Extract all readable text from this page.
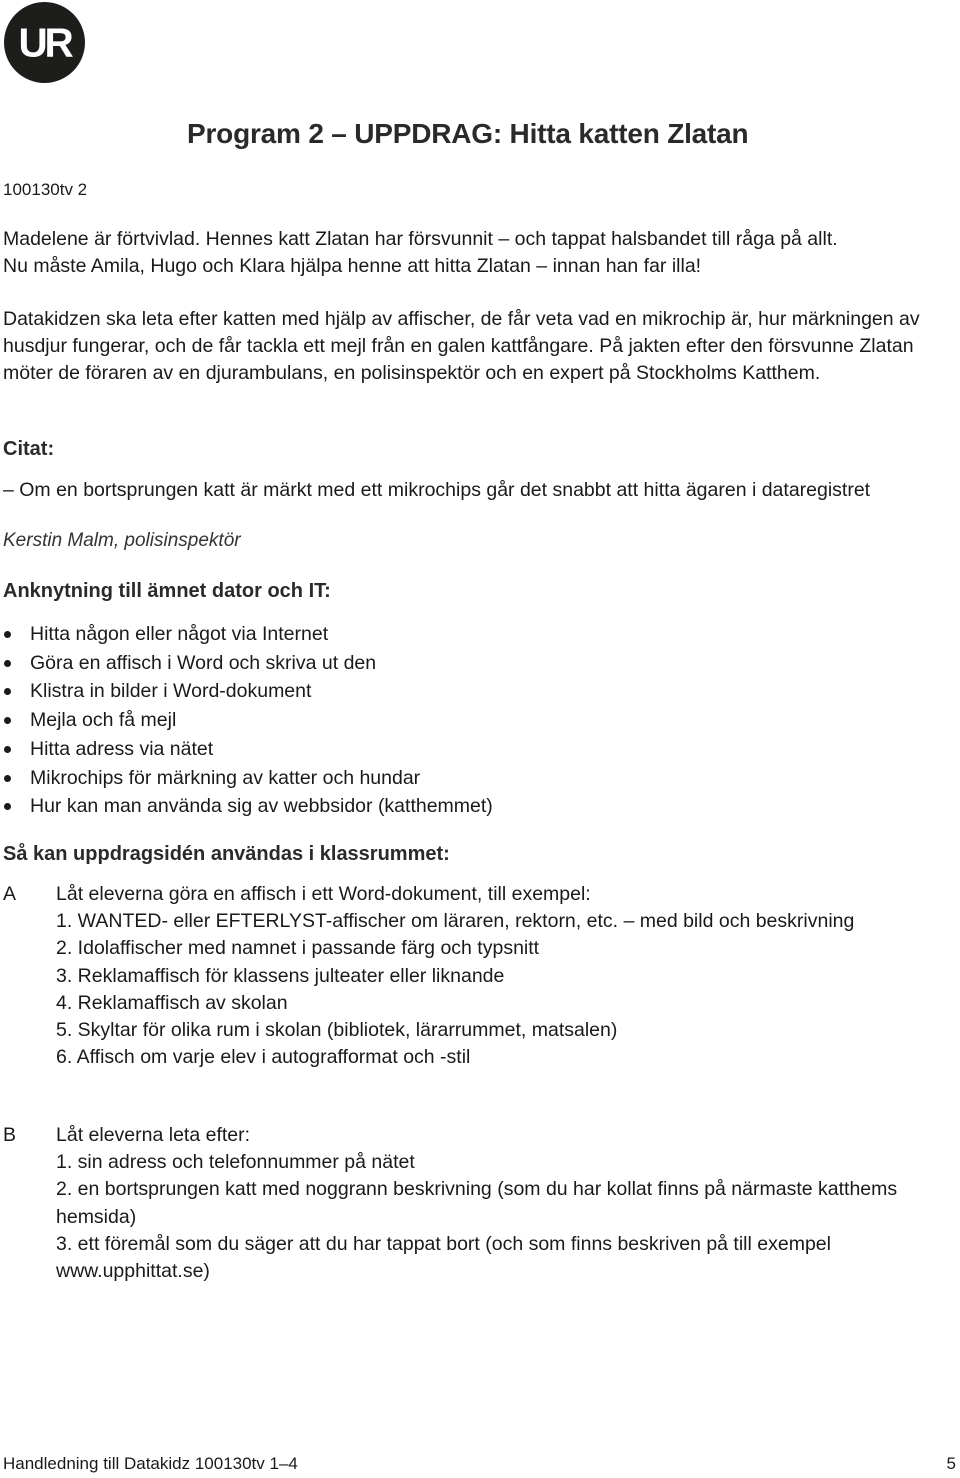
UR
Program 2 – UPPDRAG: Hitta katten Zlatan
100130tv 2
Madelene är förtvivlad. Hennes katt Zlatan har försvunnit – och tappat halsbandet till råga på allt.
Nu måste Amila, Hugo och Klara hjälpa henne att hitta Zlatan – innan han far illa!

Datakidzen ska leta efter katten med hjälp av affischer, de får veta vad en mikrochip är, hur märkningen av husdjur fungerar, och de får tackla ett mejl från en galen kattfångare. På jakten efter den försvunne Zlatan möter de föraren av en djurambulans, en polisinspektör och en expert på Stockholms Katthem.

Citat:

– Om en bortsprungen katt är märkt med ett mikrochips går det snabbt att hitta ägaren i dataregistret

Kerstin Malm, polisinspektör
Anknytning till ämnet dator och IT:
Hitta någon eller något via Internet
Göra en affisch i Word och skriva ut den
Klistra in bilder i Word-dokument
Mejla och få mejl
Hitta adress via nätet
Mikrochips för märkning av katter och hundar
Hur kan man använda sig av webbsidor (katthemmet)
Så kan uppdragsidén användas i klassrummet:
A Låt eleverna göra en affisch i ett Word-dokument, till exempel:
1. WANTED- eller EFTERLYST-affischer om läraren, rektorn, etc. – med bild och beskrivning
2. Idolaffischer med namnet i passande färg och typsnitt
3. Reklamaffisch för klassens julteater eller liknande
4. Reklamaffisch av skolan
5. Skyltar för olika rum i skolan (bibliotek, lärarrummet, matsalen)
6. Affisch om varje elev i autografformat och -stil
B Låt eleverna leta efter:
1. sin adress och telefonnummer på nätet
2. en bortsprungen katt med noggrann beskrivning (som du har kollat finns på närmaste katthems hemsida)
3. ett föremål som du säger att du har tappat bort (och som finns beskriven på till exempel www.upphittat.se)
Handledning till Datakidz 100130tv 1–4	5
